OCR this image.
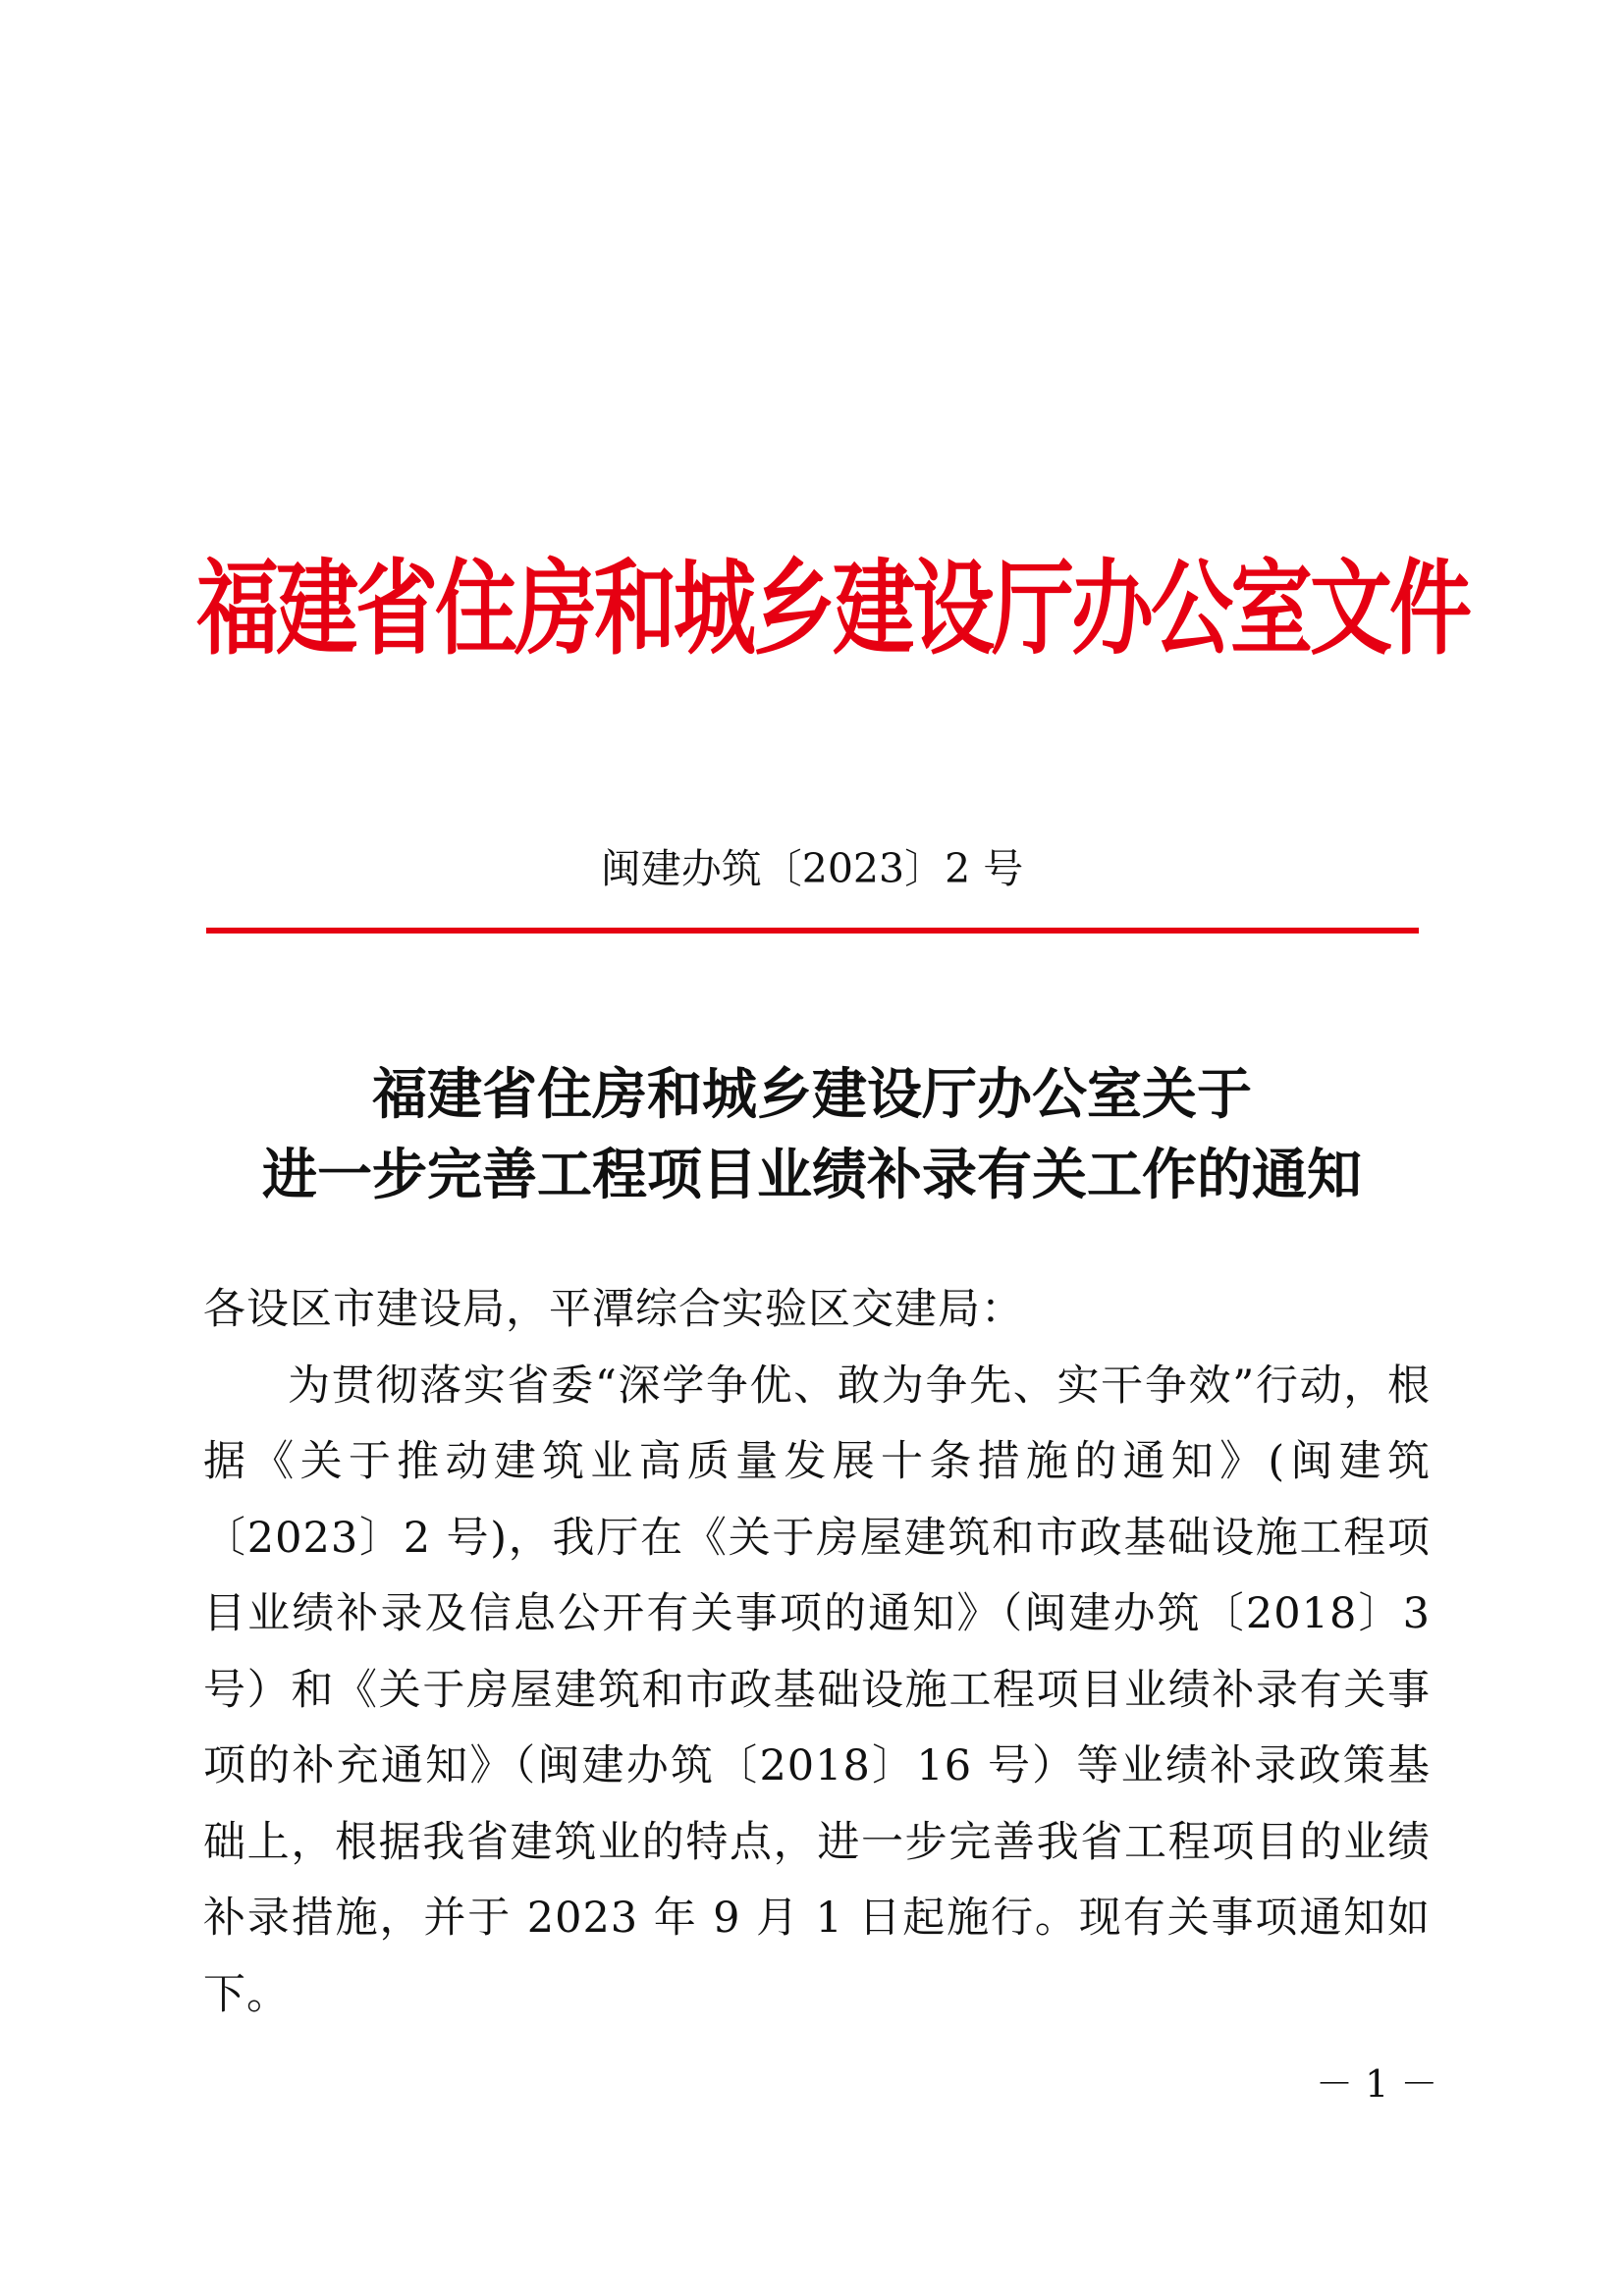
福建省住房和城乡建设厅办公室文件
闽建办筑〔2023〕2 号
福建省住房和城乡建设厅办公室关于
进一步完善工程项目业绩补录有关工作的通知
各设区市建设局，平潭综合实验区交建局：
为贯彻落实省委“深学争优、敢为争先、实干争效”行动，根据《关于推动建筑业高质量发展十条措施的通知》(闽建筑〔2023〕2 号)，我厅在《关于房屋建筑和市政基础设施工程项目业绩补录及信息公开有关事项的通知》（闽建办筑〔2018〕3 号）和《关于房屋建筑和市政基础设施工程项目业绩补录有关事项的补充通知》（闽建办筑〔2018〕16 号）等业绩补录政策基础上，根据我省建筑业的特点，进一步完善我省工程项目的业绩补录措施，并于 2023 年 9 月 1 日起施行。现有关事项通知如下。
－ 1 －
